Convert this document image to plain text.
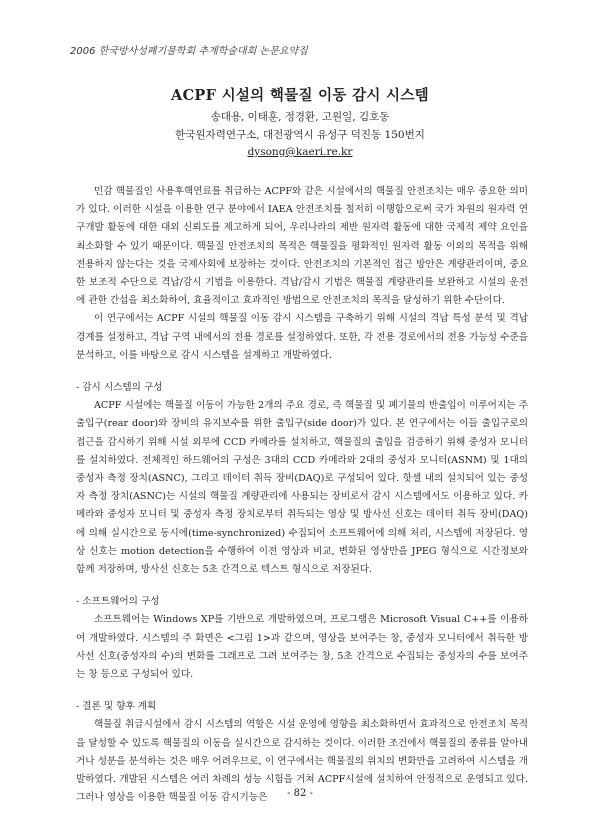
2006 한국방사성폐기물학회 추계학술대회 논문요약집
ACPF 시설의 핵물질 이동 감시 시스템
송대용, 이태훈, 정경환, 고원일, 김호동
한국원자력연구소, 대전광역시 유성구 덕진동 150번지
dysong@kaeri.re.kr

민감 핵물질인 사용후핵연료를 취급하는 ACPF와 같은 시설에서의 핵물질 안전조치는 매우 중요한 의미가 있다. 이러한 시설을 이용한 연구 분야에서 IAEA 안전조치를 철저히 이행함으로써 국가 차원의 원자력 연구개발 활동에 대한 대외 신뢰도를 제고하게 되어, 우리나라의 제반 원자력 활동에 대한 국제적 제약 요인을 최소화할 수 있기 때문이다. 핵물질 안전조치의 목적은 핵물질을 평화적인 원자력 활동 이외의 목적을 위해 전용하지 않는다는 것을 국제사회에 보장하는 것이다. 안전조치의 기본적인 접근 방안은 계량관리이며, 중요한 보조적 수단으로 격납/감시 기법을 이용한다. 격납/감시 기법은 핵물질 계량관리를 보완하고 시설의 운전에 관한 간섭을 최소화하여, 효율적이고 효과적인 방법으로 안전조치의 목적을 달성하기 위한 수단이다.

이 연구에서는 ACPF 시설의 핵물질 이동 감시 시스템을 구축하기 위해 시설의 격납 특성 분석 및 격납 경계를 설정하고, 격납 구역 내에서의 전용 경로를 설정하였다. 또한, 각 전용 경로에서의 전용 가능성 수준을 분석하고, 이를 바탕으로 감시 시스템을 설계하고 개발하였다.

- 감시 시스템의 구성

ACPF 시설에는 핵물질 이동이 가능한 2개의 주요 경로, 즉 핵물질 및 폐기물의 반출입이 이루어지는 주 출입구(rear door)와 장비의 유지보수를 위한 출입구(side door)가 있다. 본 연구에서는 이들 출입구로의 접근을 감시하기 위해 시설 외부에 CCD 카메라를 설치하고, 핵물질의 출입을 검증하기 위해 중성자 모니터를 설치하였다. 전체적인 하드웨어의 구성은 3대의 CCD 카메라와 2대의 중성자 모니터(ASNM) 및 1대의 중성자 측정 장치(ASNC), 그리고 데이터 취득 장비(DAQ)로 구성되어 있다. 핫셀 내의 설치되어 있는 중성자 측정 장치(ASNC)는 시설의 핵물질 계량관리에 사용되는 장비로서 감시 시스템에서도 이용하고 있다. 카메라와 중성자 모니터 및 중성자 측정 장치로부터 취득되는 영상 및 방사선 신호는 데이터 취득 장비(DAQ)에 의해 실시간으로 동시에(time-synchronized) 수집되어 소프트웨어에 의해 처리, 시스템에 저장된다. 영상 신호는 motion detection을 수행하여 이전 영상과 비교, 변화된 영상만을 JPEG 형식으로 시간정보와 함께 저장하며, 방사선 신호는 5초 간격으로 텍스트 형식으로 저장된다.

- 소프트웨어의 구성

소프트웨어는 Windows XP를 기반으로 개발하였으며, 프로그램은 Microsoft Visual C++를 이용하여 개발하였다. 시스템의 주 화면은 <그림 1>과 같으며, 영상을 보여주는 창, 중성자 모니터에서 취득한 방사선 신호(중성자의 수)의 변화를 그래프로 그려 보여주는 창, 5초 간격으로 수집되는 중성자의 수를 보여주는 창 등으로 구성되어 있다.

- 결론 및 향후 계획

핵물질 취급시설에서 감시 시스템의 역할은 시설 운영에 영향을 최소화하면서 효과적으로 안전조치 목적을 달성할 수 있도록 핵물질의 이동을 실시간으로 감시하는 것이다. 이러한 조건에서 핵물질의 종류를 알아내거나 성분을 분석하는 것은 매우 어려우므로, 이 연구에서는 핵물질의 위치의 변화만을 고려하여 시스템을 개발하였다. 개발된 시스템은 여러 차례의 성능 시험을 거쳐 ACPF시설에 설치하여 안정적으로 운영되고 있다. 그러나 영상을 이용한 핵물질 이동 감시기능은	- 82 -
